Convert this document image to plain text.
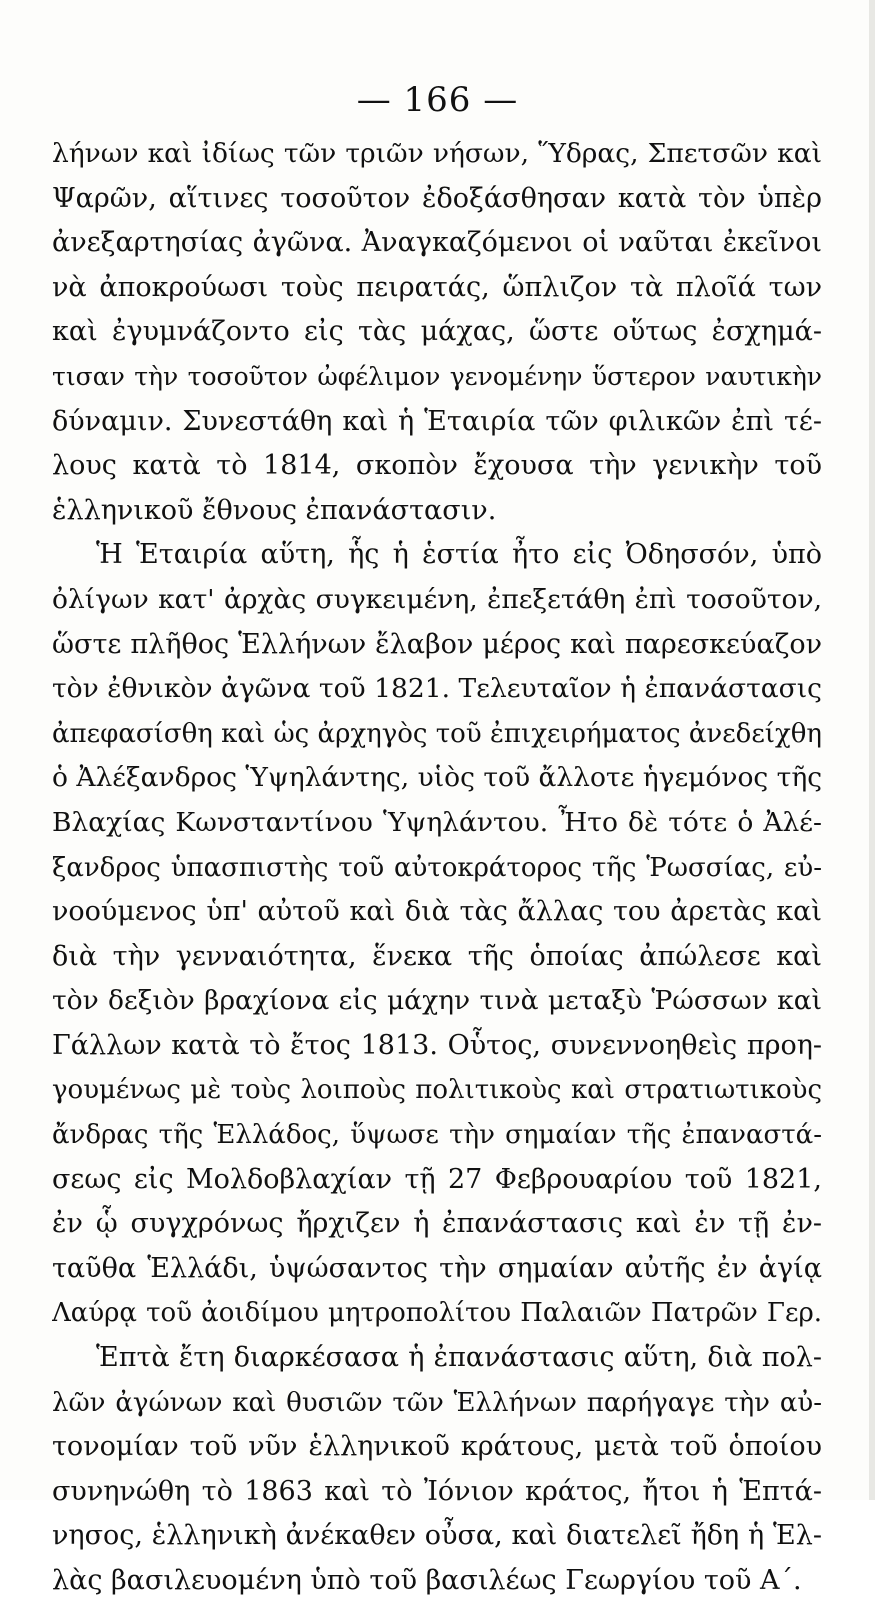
— 166 —
λήνων καὶ ἰδίως τῶν τριῶν νήσων, Ὕδρας, Σπετσῶν καὶ
Ψαρῶν, αἵτινες τοσοῦτον ἐδοξάσθησαν κατὰ τὸν ὑπὲρ
ἀνεξαρτησίας ἀγῶνα. Ἀναγκαζόμενοι οἱ ναῦται ἐκεῖνοι
νὰ ἀποκρούωσι τοὺς πειρατάς, ὥπλιζον τὰ πλοῖά των
καὶ ἐγυμνάζοντο εἰς τὰς μάχας, ὥστε οὕτως ἐσχημά-
τισαν τὴν τοσοῦτον ὠφέλιμον γενομένην ὕστερον ναυτικὴν
δύναμιν. Συνεστάθη καὶ ἡ Ἑταιρία τῶν φιλικῶν ἐπὶ τέ-
λους κατὰ τὸ 1814, σκοπὸν ἔχουσα τὴν γενικὴν τοῦ
ἑλληνικοῦ ἔθνους ἐπανάστασιν.
Ἡ Ἑταιρία αὕτη, ἧς ἡ ἑστία ἦτο εἰς Ὀδησσόν, ὑπὸ
ὀλίγων κατ' ἀρχὰς συγκειμένη, ἐπεξετάθη ἐπὶ τοσοῦτον,
ὥστε πλῆθος Ἑλλήνων ἔλαβον μέρος καὶ παρεσκεύαζον
τὸν ἐθνικὸν ἀγῶνα τοῦ 1821. Τελευταῖον ἡ ἐπανάστασις
ἀπεφασίσθη καὶ ὡς ἀρχηγὸς τοῦ ἐπιχειρήματος ἀνεδείχθη
ὁ Ἀλέξανδρος Ὑψηλάντης, υἱὸς τοῦ ἄλλοτε ἡγεμόνος τῆς
Βλαχίας Κωνσταντίνου Ὑψηλάντου. Ἦτο δὲ τότε ὁ Ἀλέ-
ξανδρος ὑπασπιστὴς τοῦ αὐτοκράτορος τῆς Ῥωσσίας, εὐ-
νοούμενος ὑπ' αὐτοῦ καὶ διὰ τὰς ἄλλας του ἀρετὰς καὶ
διὰ τὴν γενναιότητα, ἕνεκα τῆς ὁποίας ἀπώλεσε καὶ
τὸν δεξιὸν βραχίονα εἰς μάχην τινὰ μεταξὺ Ῥώσσων καὶ
Γάλλων κατὰ τὸ ἔτος 1813. Οὗτος, συνεννοηθεὶς προη-
γουμένως μὲ τοὺς λοιποὺς πολιτικοὺς καὶ στρατιωτικοὺς
ἄνδρας τῆς Ἑλλάδος, ὕψωσε τὴν σημαίαν τῆς ἐπαναστά-
σεως εἰς Μολδοβλαχίαν τῇ 27 Φεβρουαρίου τοῦ 1821,
ἐν ᾧ συγχρόνως ἤρχιζεν ἡ ἐπανάστασις καὶ ἐν τῇ ἐν-
ταῦθα Ἑλλάδι, ὑψώσαντος τὴν σημαίαν αὐτῆς ἐν ἁγίᾳ
Λαύρᾳ τοῦ ἀοιδίμου μητροπολίτου Παλαιῶν Πατρῶν Γερ.
Ἑπτὰ ἔτη διαρκέσασα ἡ ἐπανάστασις αὕτη, διὰ πολ-
λῶν ἀγώνων καὶ θυσιῶν τῶν Ἑλλήνων παρήγαγε τὴν αὐ-
τονομίαν τοῦ νῦν ἑλληνικοῦ κράτους, μετὰ τοῦ ὁποίου
συνηνώθη τὸ 1863 καὶ τὸ Ἰόνιον κράτος, ἤτοι ἡ Ἑπτά-
νησος, ἑλληνικὴ ἀνέκαθεν οὖσα, καὶ διατελεῖ ἤδη ἡ Ἑλ-
λὰς βασιλευομένη ὑπὸ τοῦ βασιλέως Γεωργίου τοῦ Α΄.
